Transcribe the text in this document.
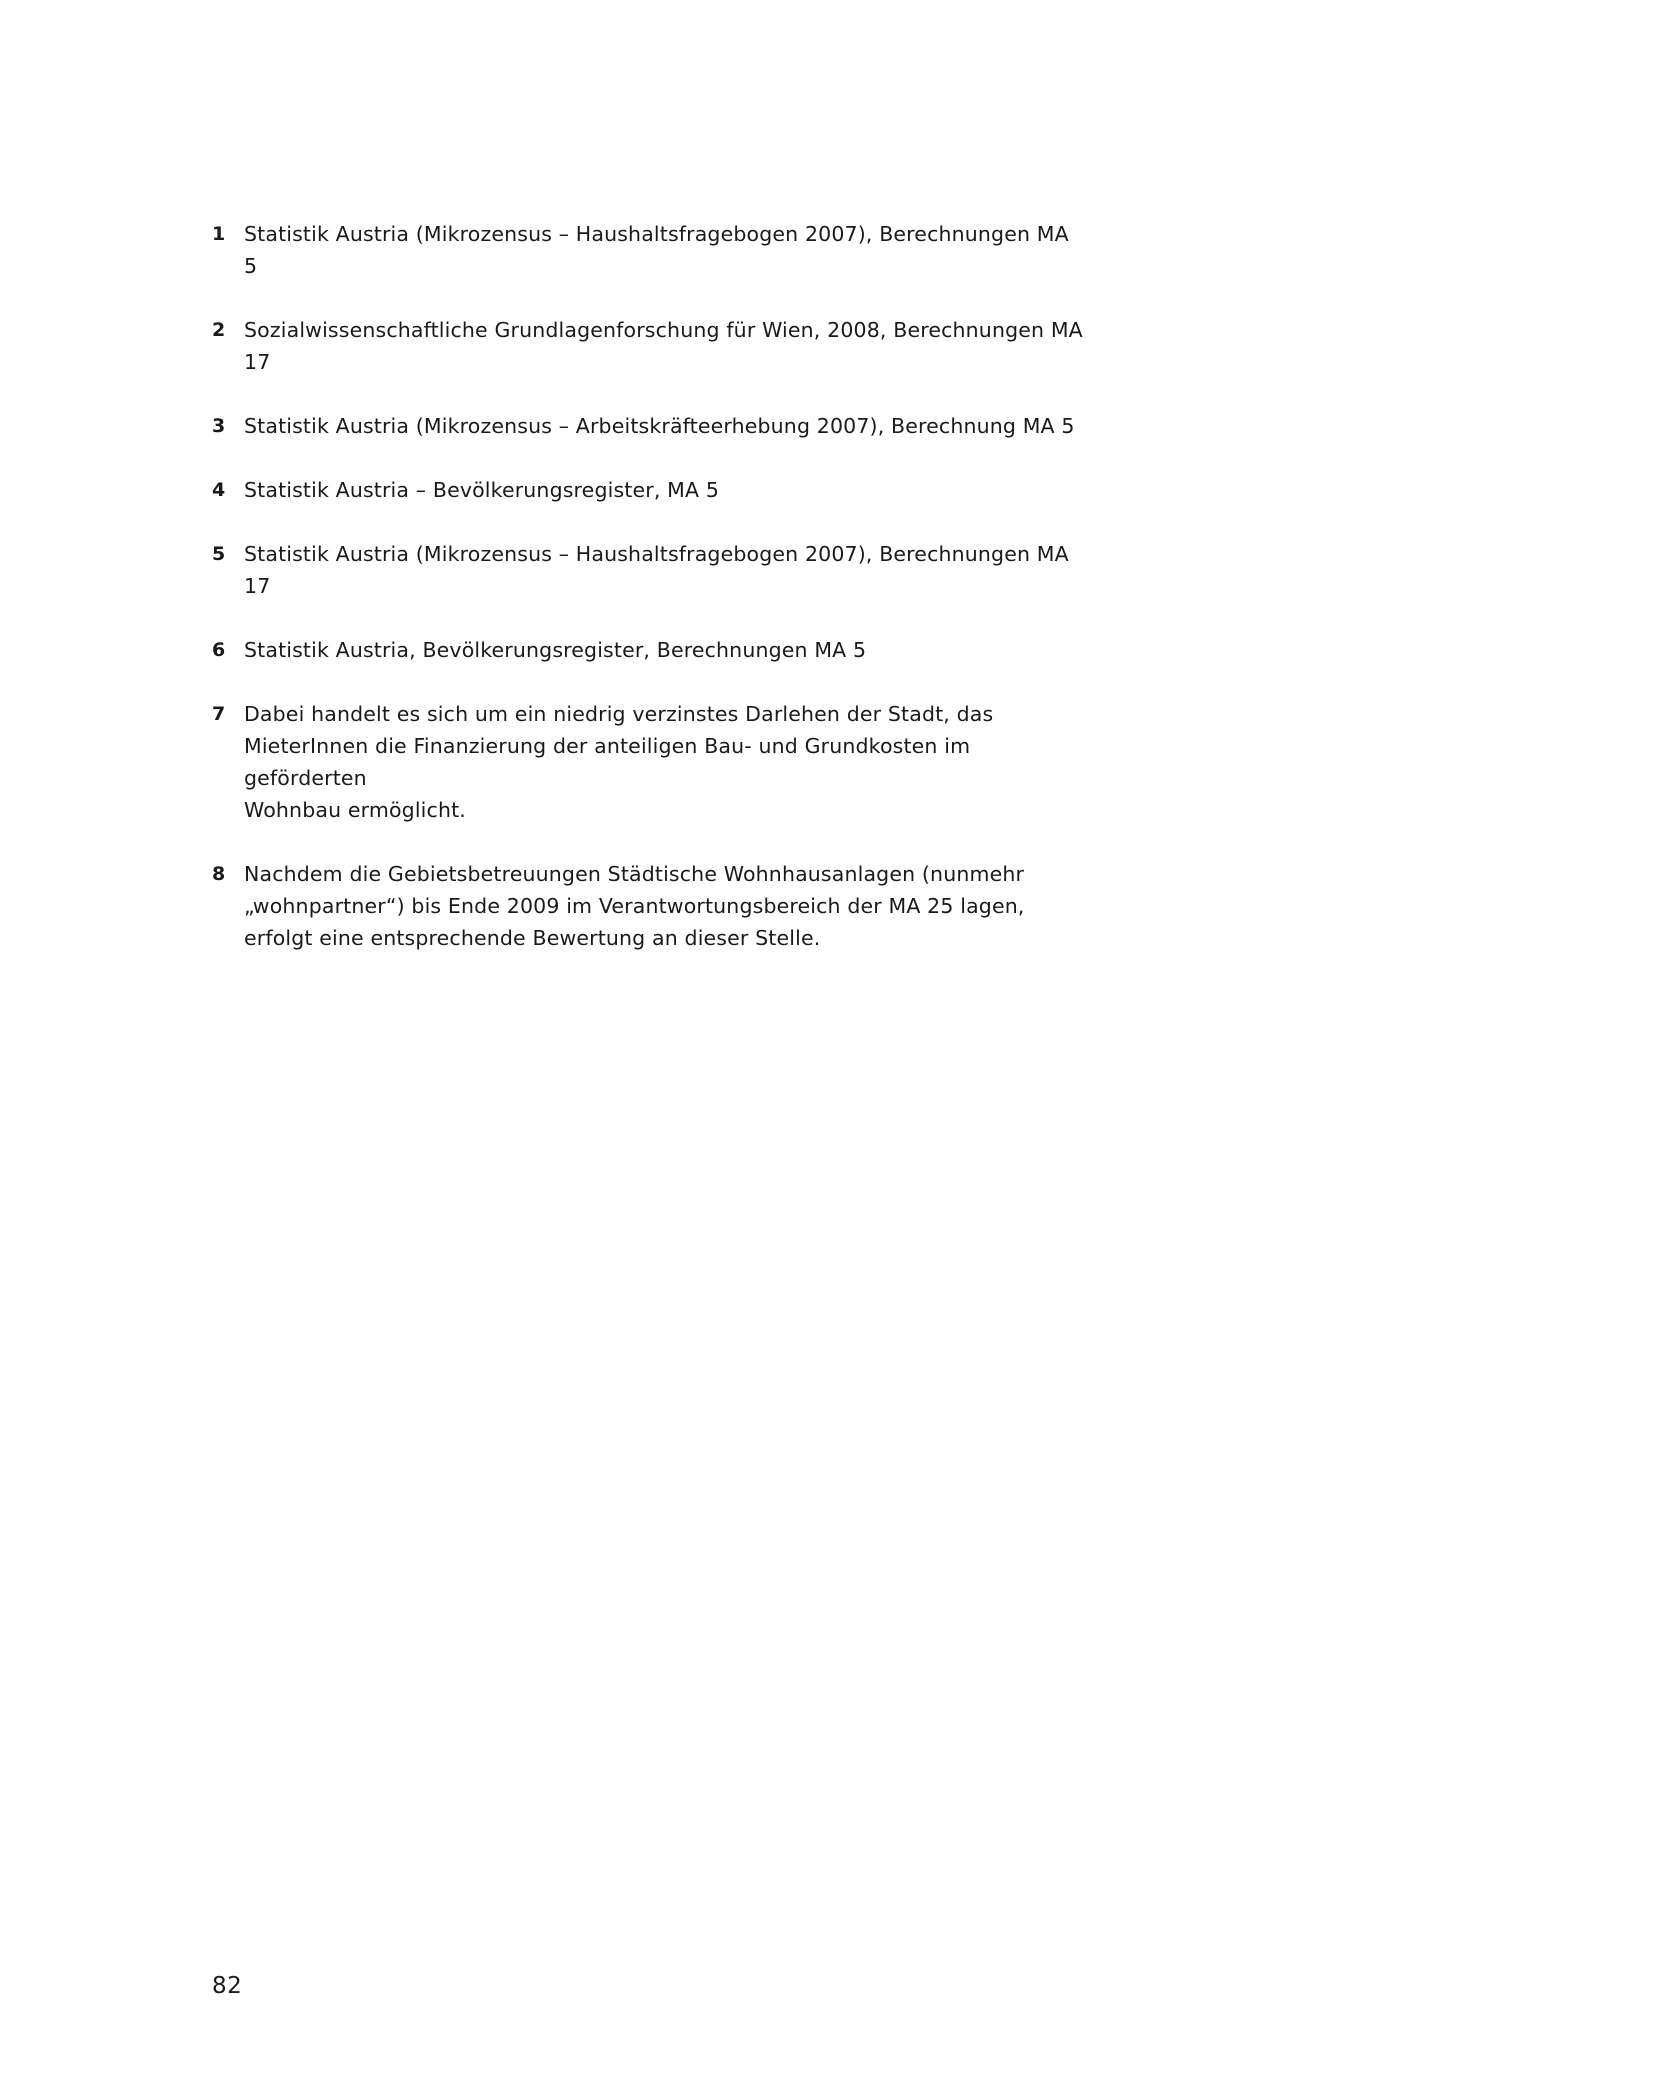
1 Statistik Austria (Mikrozensus – Haushaltsfragebogen 2007), Berechnungen MA 5
2 Sozialwissenschaftliche Grundlagenforschung für Wien, 2008, Berechnungen MA 17
3 Statistik Austria (Mikrozensus – Arbeitskräfteerhebung 2007), Berechnung MA 5
4 Statistik Austria – Bevölkerungsregister, MA 5
5 Statistik Austria (Mikrozensus – Haushaltsfragebogen 2007), Berechnungen MA 17
6 Statistik Austria, Bevölkerungsregister, Berechnungen MA 5
7 Dabei handelt es sich um ein niedrig verzinstes Darlehen der Stadt, das
MieterInnen die Finanzierung der anteiligen Bau- und Grundkosten im geförderten
Wohnbau ermöglicht.
8 Nachdem die Gebietsbetreuungen Städtische Wohnhausanlagen (nunmehr
„wohnpartner“) bis Ende 2009 im Verantwortungsbereich der MA 25 lagen,
erfolgt eine entsprechende Bewertung an dieser Stelle.
82
